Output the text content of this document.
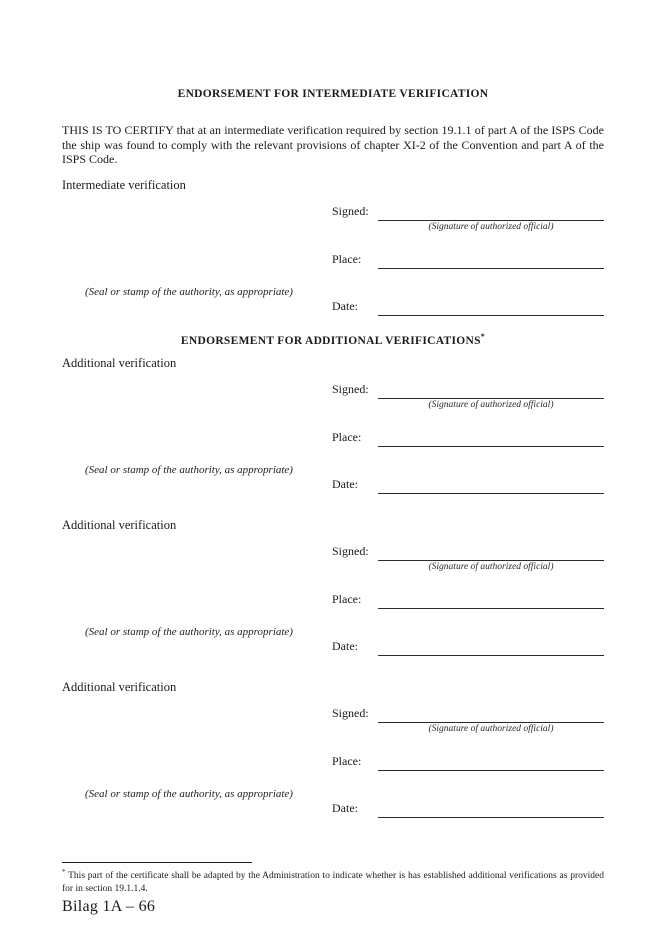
ENDORSEMENT FOR INTERMEDIATE VERIFICATION

THIS IS TO CERTIFY that at an intermediate verification required by section 19.1.1 of part A of the ISPS Code the ship was found to comply with the relevant provisions of chapter XI-2 of the Convention and part A of the ISPS Code.

Intermediate verification
Signed:
(Signature of authorized official)
Place:
(Seal or stamp of the authority, as appropriate)
Date:
ENDORSEMENT FOR ADDITIONAL VERIFICATIONS*
Additional verification
Signed:
(Signature of authorized official)
Place:
(Seal or stamp of the authority, as appropriate)
Date:
Additional verification
Signed:
(Signature of authorized official)
Place:
(Seal or stamp of the authority, as appropriate)
Date:
Additional verification
Signed:
(Signature of authorized official)
Place:
(Seal or stamp of the authority, as appropriate)
Date:
* This part of the certificate shall be adapted by the Administration to indicate whether is has established additional verifications as provided for in section 19.1.1.4.
Bilag 1A – 66
